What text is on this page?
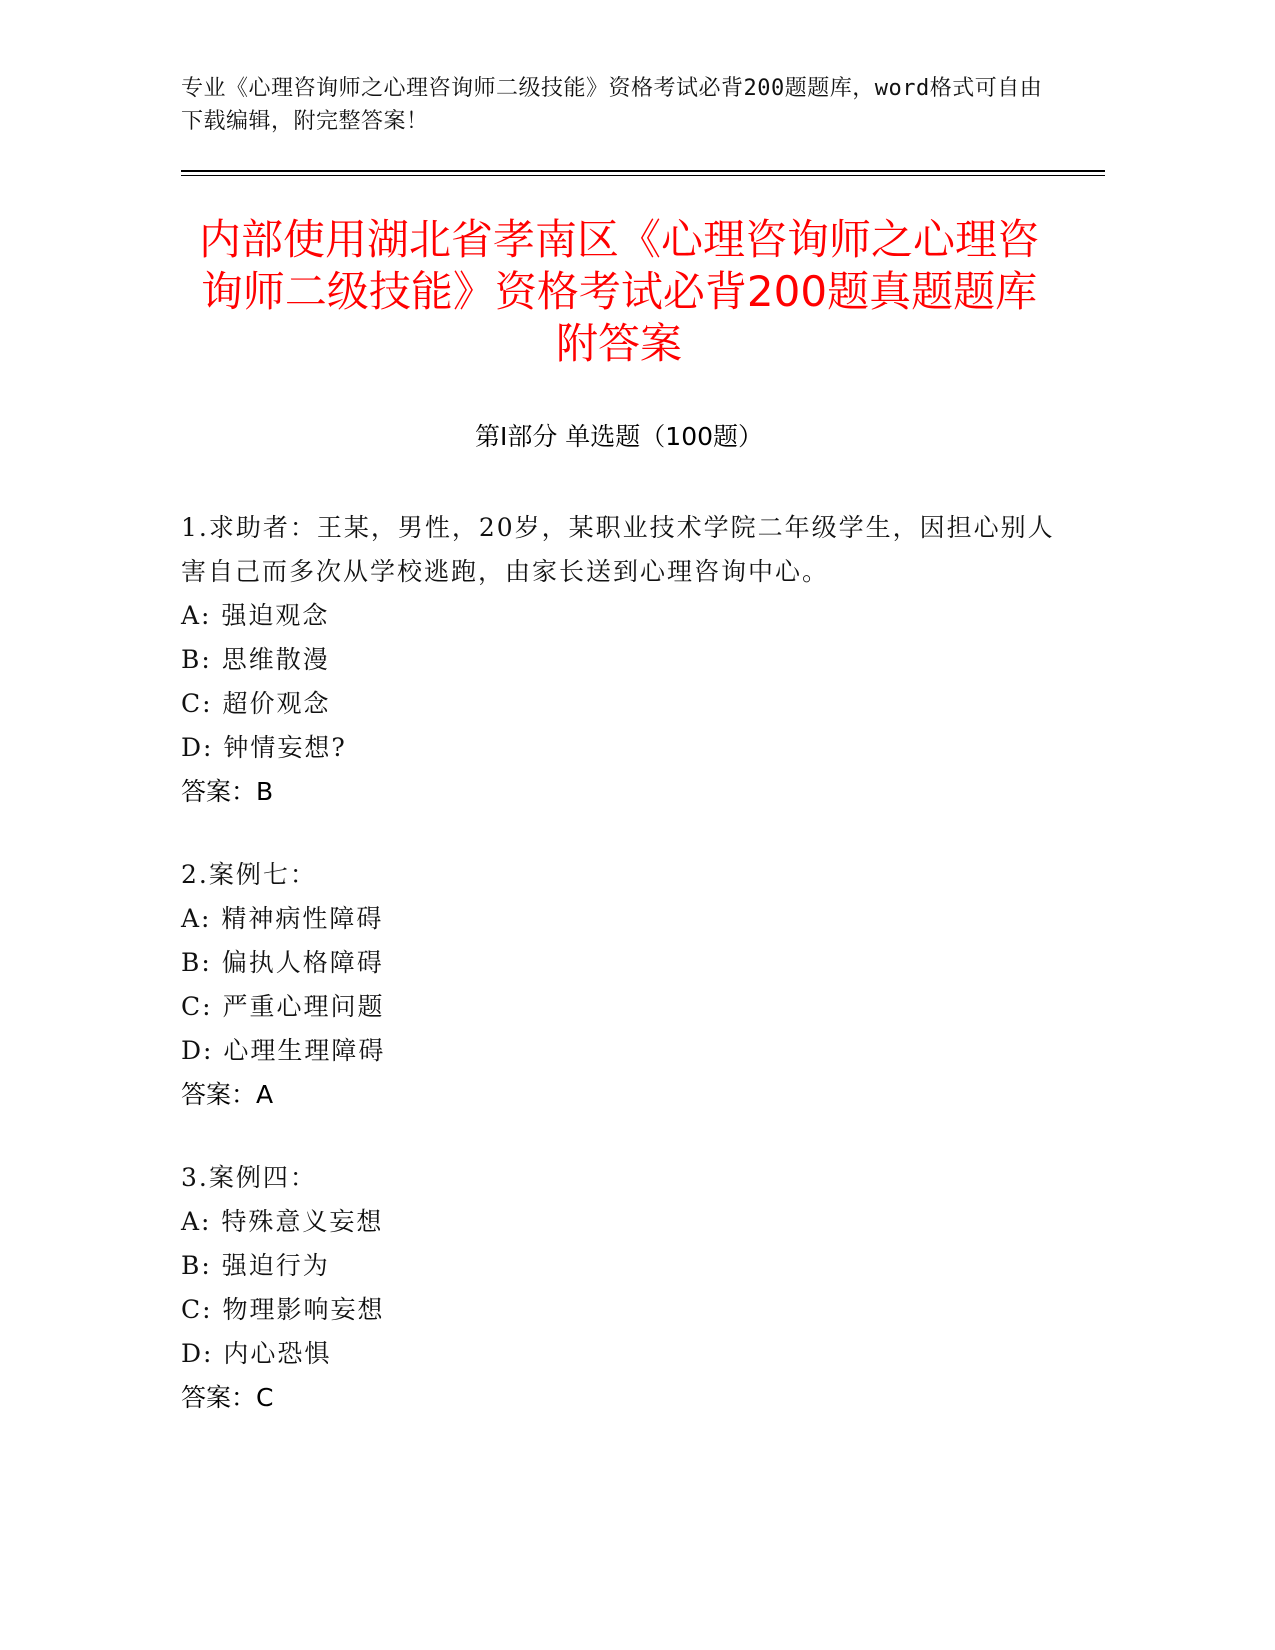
专业《心理咨询师之心理咨询师二级技能》资格考试必背200题题库，word格式可自由下载编辑，附完整答案！
内部使用湖北省孝南区《心理咨询师之心理咨询师二级技能》资格考试必背200题真题题库附答案
第Ⅰ部分 单选题（100题）

1.求助者：王某，男性，20岁，某职业技术学院二年级学生，因担心别人害自己而多次从学校逃跑，由家长送到心理咨询中心。

A: 强迫观念

B: 思维散漫

C: 超价观念

D: 钟情妄想?

答案：B

2.案例七：

A: 精神病性障碍

B: 偏执人格障碍

C: 严重心理问题

D: 心理生理障碍

答案：A

3.案例四：

A: 特殊意义妄想

B: 强迫行为

C: 物理影响妄想

D: 内心恐惧

答案：C
